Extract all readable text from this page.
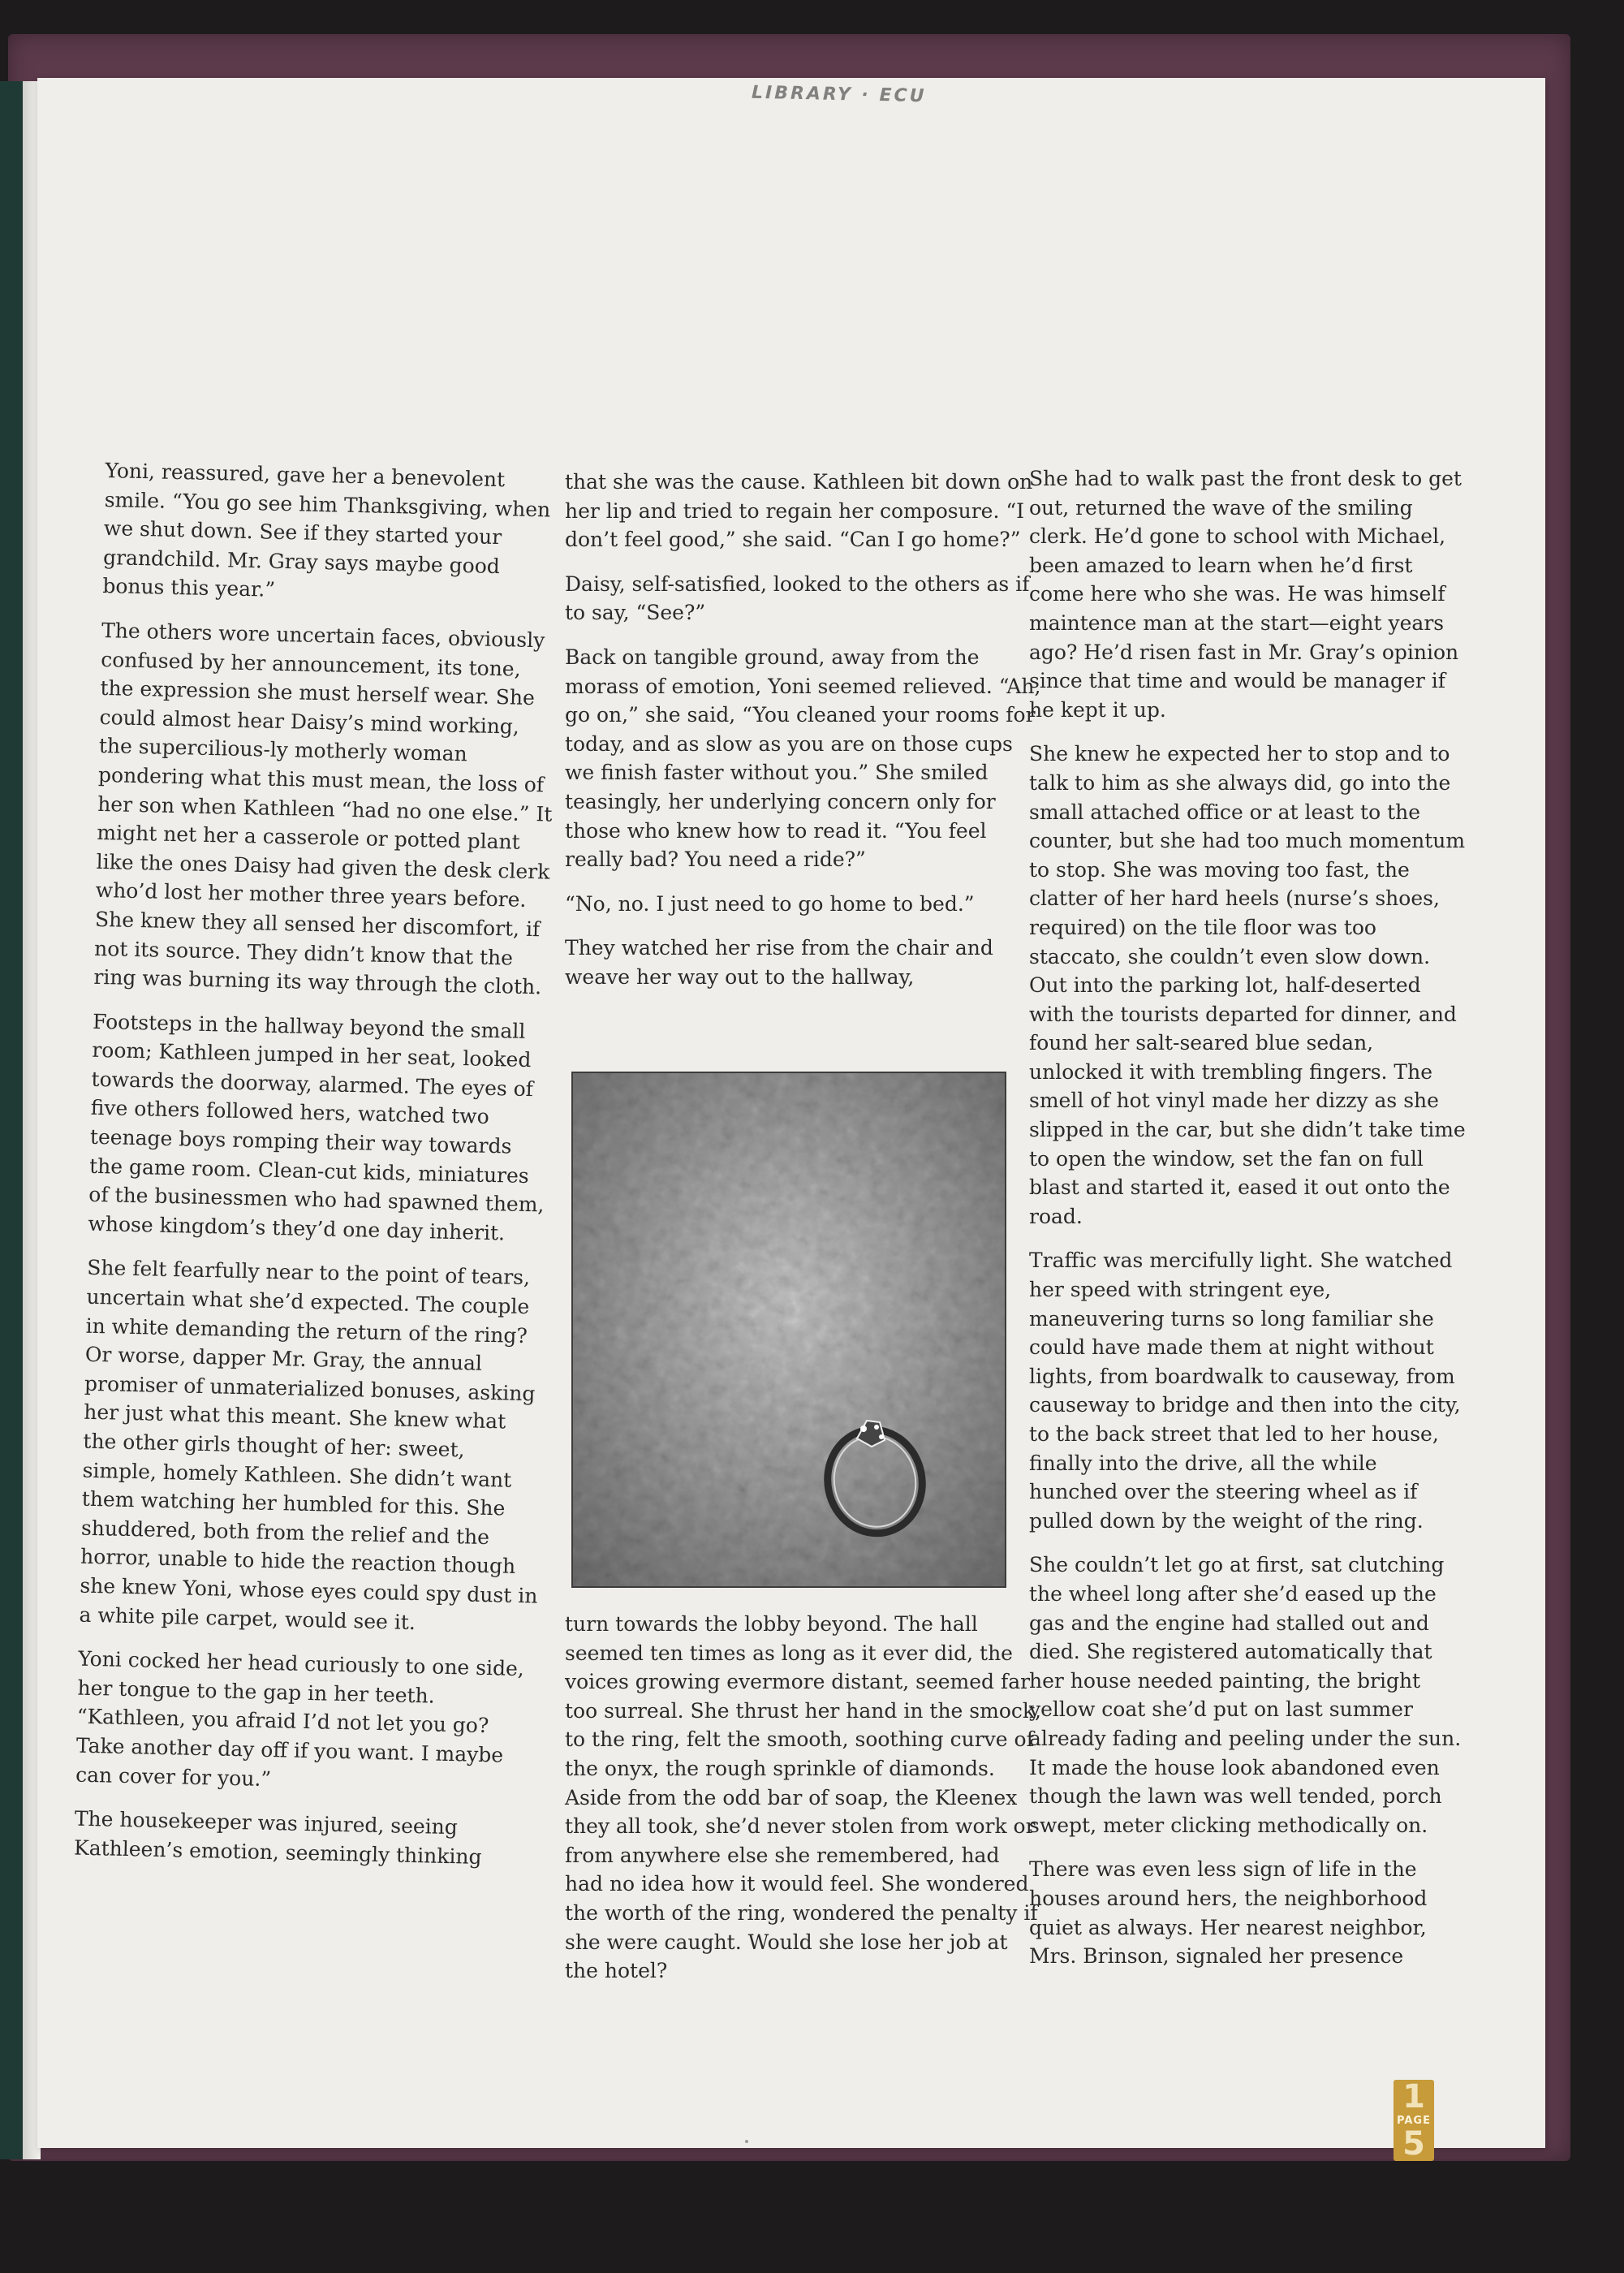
LIBRARY · ECU

Yoni, reassured, gave her a benevolent smile. “You go see him Thanksgiving, when we shut down. See if they started your grandchild. Mr. Gray says maybe good bonus this year.”

The others wore uncertain faces, obviously confused by her announcement, its tone, the expression she must herself wear. She could almost hear Daisy’s mind working, the supercilious-ly motherly woman pondering what this must mean, the loss of her son when Kathleen “had no one else.” It might net her a casserole or potted plant like the ones Daisy had given the desk clerk who’d lost her mother three years before. She knew they all sensed her discomfort, if not its source. They didn’t know that the ring was burning its way through the cloth.

Footsteps in the hallway beyond the small room; Kathleen jumped in her seat, looked towards the doorway, alarmed. The eyes of five others followed hers, watched two teenage boys romping their way towards the game room. Clean-cut kids, miniatures of the businessmen who had spawned them, whose kingdom’s they’d one day inherit.

She felt fearfully near to the point of tears, uncertain what she’d expected. The couple in white demanding the return of the ring? Or worse, dapper Mr. Gray, the annual promiser of unmaterialized bonuses, asking her just what this meant. She knew what the other girls thought of her: sweet, simple, homely Kathleen. She didn’t want them watching her humbled for this. She shuddered, both from the relief and the horror, unable to hide the reaction though she knew Yoni, whose eyes could spy dust in a white pile carpet, would see it.

Yoni cocked her head curiously to one side, her tongue to the gap in her teeth. “Kathleen, you afraid I’d not let you go? Take another day off if you want. I maybe can cover for you.”

The housekeeper was injured, seeing Kathleen’s emotion, seemingly thinking

that she was the cause. Kathleen bit down on her lip and tried to regain her composure. “I don’t feel good,” she said. “Can I go home?”

Daisy, self-satisfied, looked to the others as if to say, “See?”

Back on tangible ground, away from the morass of emotion, Yoni seemed relieved. “Ah, go on,” she said, “You cleaned your rooms for today, and as slow as you are on those cups we finish faster without you.” She smiled teasingly, her underlying concern only for those who knew how to read it. “You feel really bad? You need a ride?”

“No, no. I just need to go home to bed.”

They watched her rise from the chair and weave her way out to the hallway,

turn towards the lobby beyond. The hall seemed ten times as long as it ever did, the voices growing evermore distant, seemed far too surreal. She thrust her hand in the smock, to the ring, felt the smooth, soothing curve of the onyx, the rough sprinkle of diamonds. Aside from the odd bar of soap, the Kleenex they all took, she’d never stolen from work or from anywhere else she remembered, had had no idea how it would feel. She wondered the worth of the ring, wondered the penalty if she were caught. Would she lose her job at the hotel?

She had to walk past the front desk to get out, returned the wave of the smiling clerk. He’d gone to school with Michael, been amazed to learn when he’d first come here who she was. He was himself maintence man at the start—eight years ago? He’d risen fast in Mr. Gray’s opinion since that time and would be manager if he kept it up.

She knew he expected her to stop and to talk to him as she always did, go into the small attached office or at least to the counter, but she had too much momentum to stop. She was moving too fast, the clatter of her hard heels (nurse’s shoes, required) on the tile floor was too staccato, she couldn’t even slow down. Out into the parking lot, half-deserted with the tourists departed for dinner, and found her salt-seared blue sedan, unlocked it with trembling fingers. The smell of hot vinyl made her dizzy as she slipped in the car, but she didn’t take time to open the window, set the fan on full blast and started it, eased it out onto the road.

Traffic was mercifully light. She watched her speed with stringent eye, maneuvering turns so long familiar she could have made them at night without lights, from boardwalk to causeway, from causeway to bridge and then into the city, to the back street that led to her house, finally into the drive, all the while hunched over the steering wheel as if pulled down by the weight of the ring.

She couldn’t let go at first, sat clutching the wheel long after she’d eased up the gas and the engine had stalled out and died. She registered automatically that her house needed painting, the bright yellow coat she’d put on last summer already fading and peeling under the sun. It made the house look abandoned even though the lawn was well tended, porch swept, meter clicking methodically on.

There was even less sign of life in the houses around hers, the neighborhood quiet as always. Her nearest neighbor, Mrs. Brinson, signaled her presence

1
PAGE
5
